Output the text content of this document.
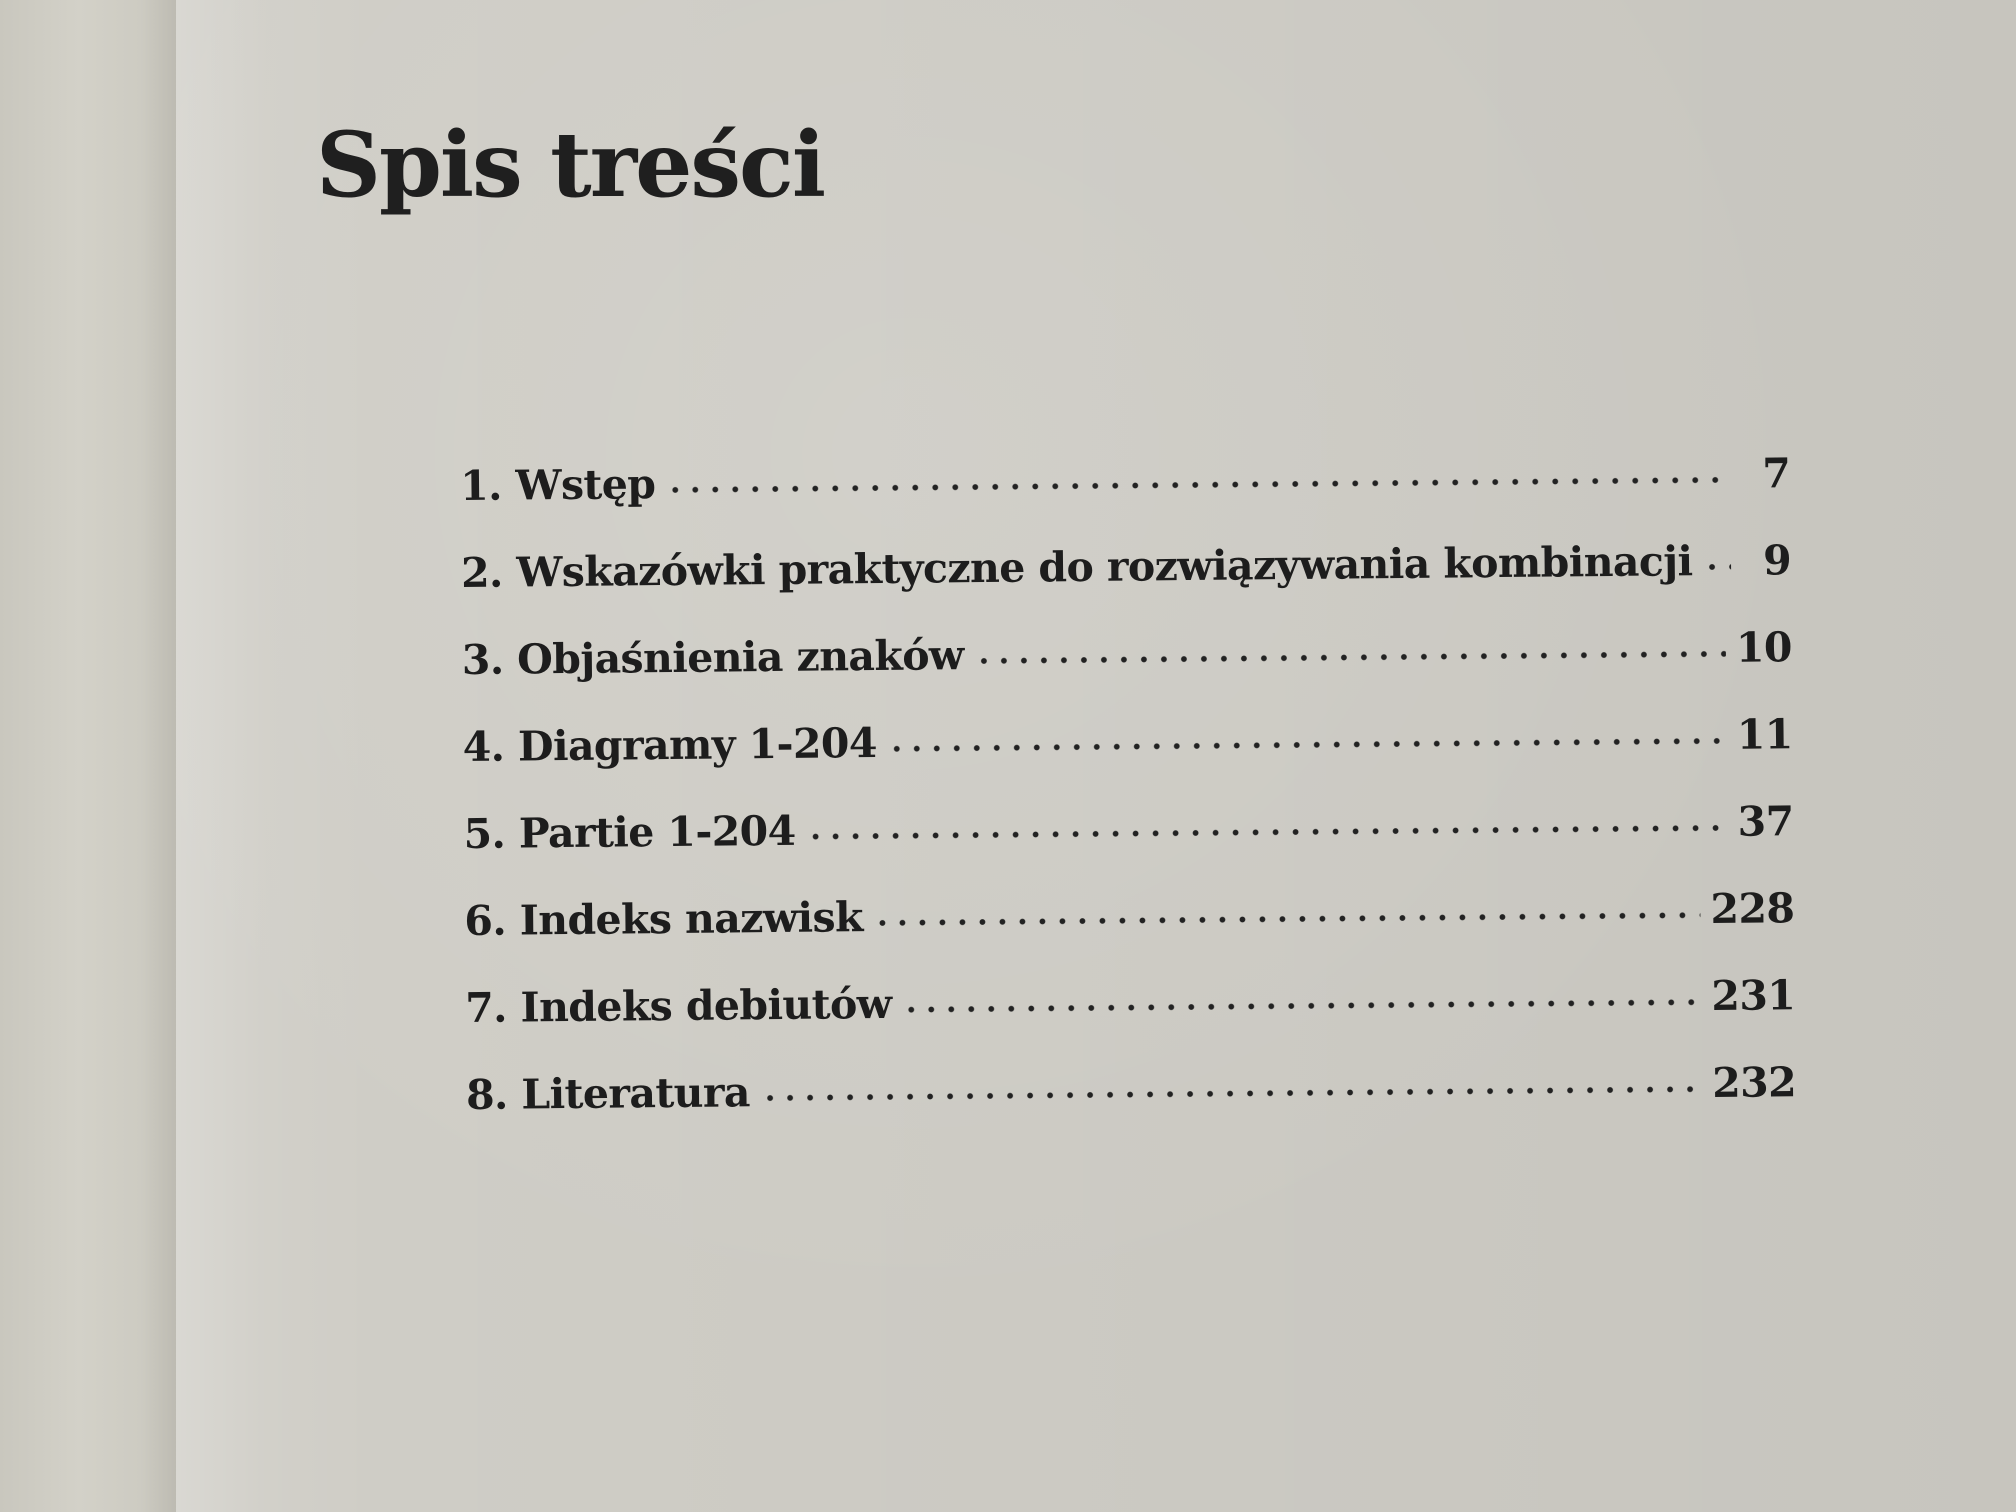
Spis treści
1. Wstęp	7
2. Wskazówki praktyczne do rozwiązywania kombinacji	9
3. Objaśnienia znaków	10
4. Diagramy 1-204	11
5. Partie 1-204	37
6. Indeks nazwisk	228
7. Indeks debiutów	231
8. Literatura	232
